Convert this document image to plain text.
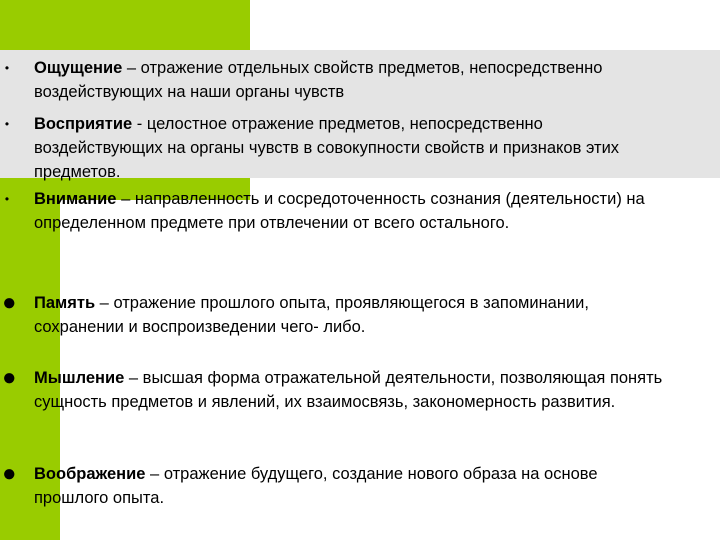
• Ощущение – отражение отдельных свойств предметов, непосредственно воздействующих на наши органы чувств
• Восприятие - целостное отражение предметов, непосредственно воздействующих на органы чувств в совокупности свойств и признаков этих предметов.
• Внимание – направленность и сосредоточенность сознания (деятельности) на определенном предмете при отвлечении от всего остального.
● Память – отражение прошлого опыта, проявляющегося в запоминании, сохранении и воспроизведении чего- либо.
● Мышление – высшая форма отражательной деятельности, позволяющая понять сущность предметов и явлений, их взаимосвязь, закономерность развития.
● Воображение – отражение будущего, создание нового образа на основе прошлого опыта.
